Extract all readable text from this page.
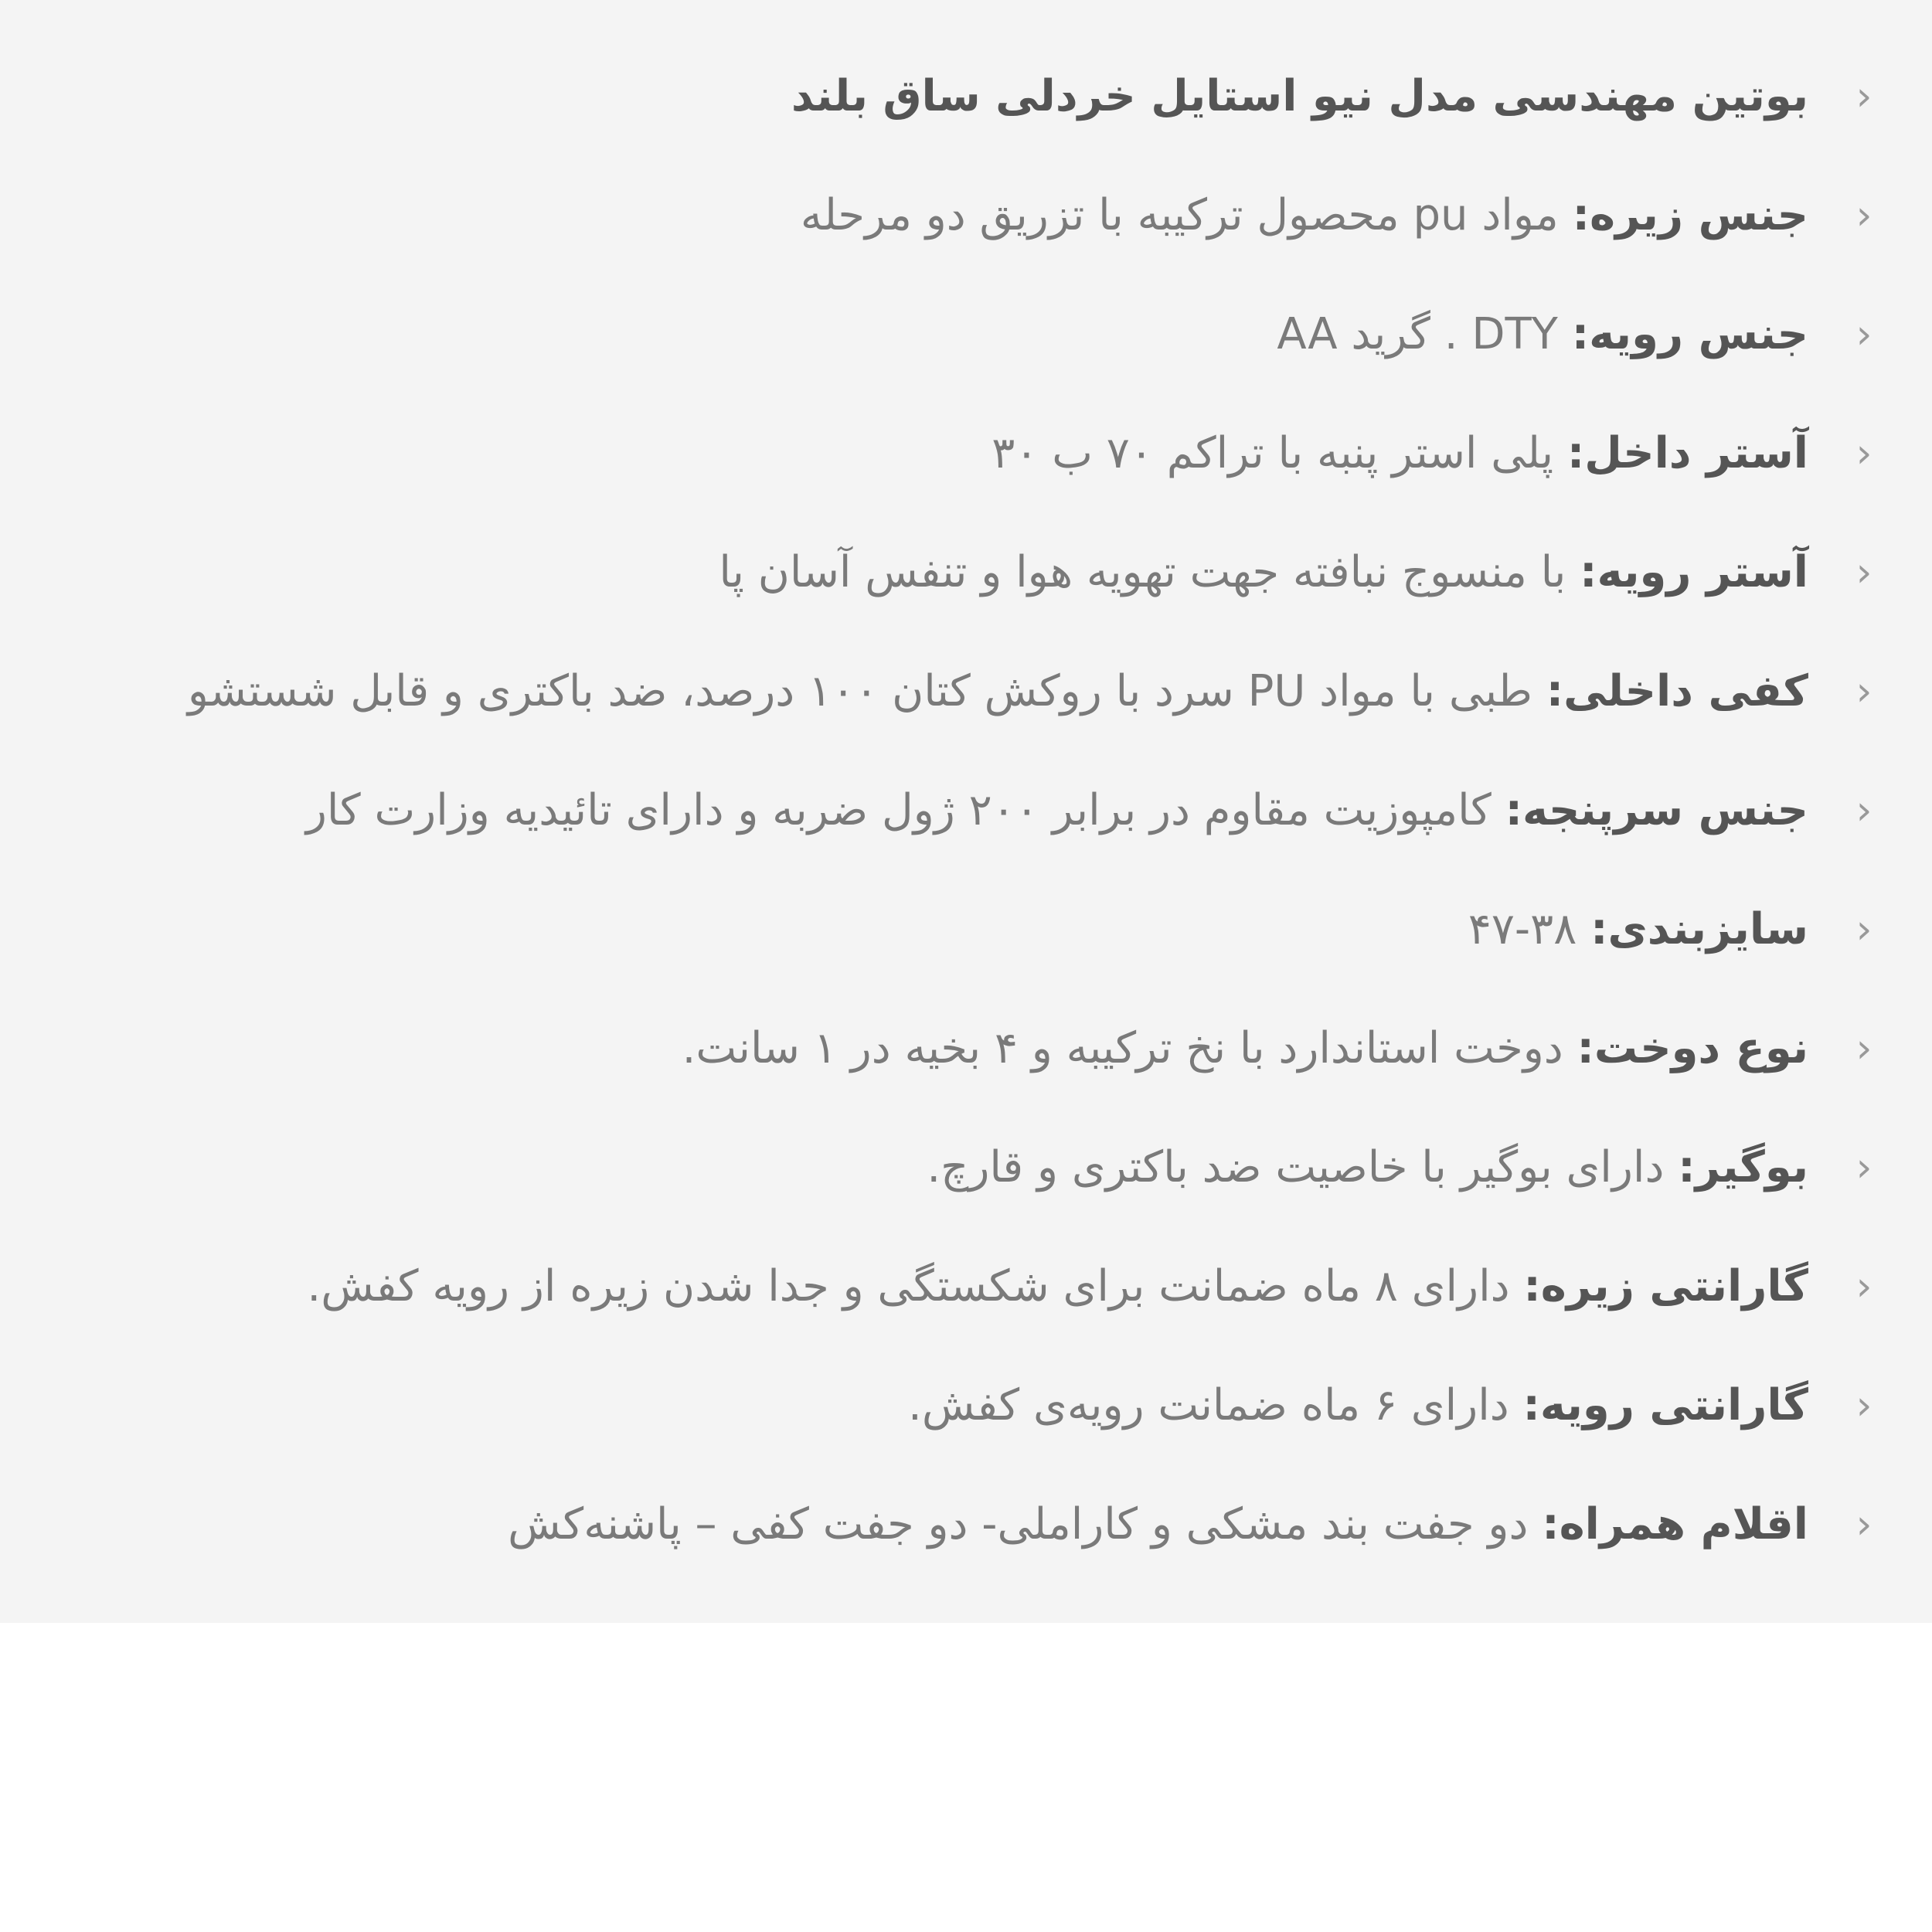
‹
بوتین مهندسی مدل نیو استایل خردلی ساق بلند
‹
جنس زیره: مواد pu محصول ترکیبه با تزریق دو مرحله
‹
جنس رویه: DTY . گرید AA
‹
آستر داخل: پلی استر پنبه با تراکم ۷۰ ب ۳۰
‹
آستر رویه: با منسوج نبافته جهت تهویه هوا و تنفس آسان پا
‹
کفی داخلی: طبی با مواد PU سرد با روکش کتان ۱۰۰ درصد، ضد باکتری و قابل شستشو
‹
جنس سرپنجه: کامپوزیت مقاوم در برابر ۲۰۰ ژول ضربه و دارای تائیدیه وزارت کار
‹
سایزبندی: ۳۸-۴۷
‹
نوع دوخت: دوخت استاندارد با نخ ترکیبه و ۴ بخیه در ۱ سانت.
‹
بوگیر: دارای بوگیر با خاصیت ضد باکتری و قارچ.
‹
گارانتی زیره: دارای ۸ ماه ضمانت برای شکستگی و جدا شدن زیره از رویه کفش.
‹
گارانتی رویه: دارای ۶ ماه ضمانت رویه‌ی کفش.
‹
اقلام همراه: دو جفت بند مشکی و کاراملی- دو جفت کفی – پاشنه‌کش
